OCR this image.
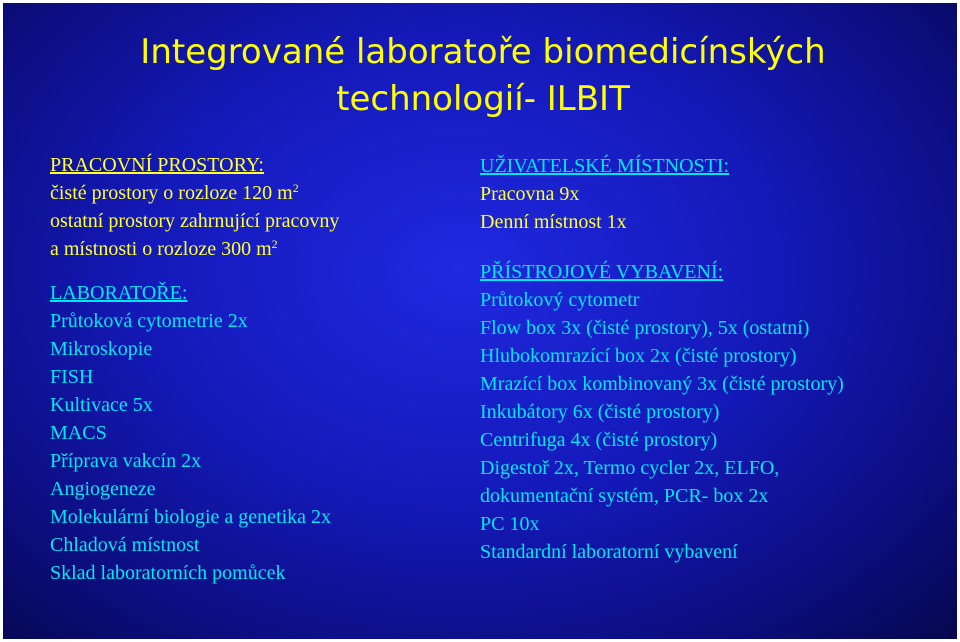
Integrované laboratoře biomedicínských
technologií- ILBIT
PRACOVNÍ PROSTORY:
čisté prostory o rozloze 120 $m^2$
ostatní prostory zahrnující pracovny
a místnosti o rozloze 300 $m^2$
LABORATOŘE:
Průtoková cytometrie 2x
Mikroskopie
FISH
Kultivace 5x
MACS
Příprava vakcín 2x
Angiogeneze
Molekulární biologie a genetika 2x
Chladová místnost
Sklad laboratorních pomůcek
UŽIVATELSKÉ MÍSTNOSTI:
Pracovna 9x
Denní místnost 1x
PŘÍSTROJOVÉ VYBAVENÍ:
Průtokový cytometr
Flow box 3x (čisté prostory), 5x (ostatní)
Hlubokomrazící box 2x (čisté prostory)
Mrazící box kombinovaný 3x (čisté prostory)
Inkubátory 6x (čisté prostory)
Centrifuga 4x (čisté prostory)
Digestoř 2x, Termo cycler 2x, ELFO,
dokumentační systém, PCR- box 2x
PC 10x
Standardní laboratorní vybavení
